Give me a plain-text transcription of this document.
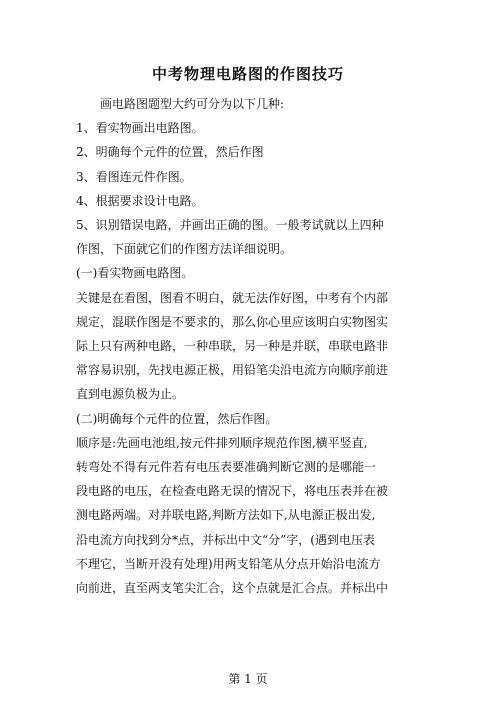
中考物理电路图的作图技巧

画电路图题型大约可分为以下几种:

1、看实物画出电路图。

2、明确每个元件的位置，然后作图

3、看图连元件作图。

4、根据要求设计电路。

5、识别错误电路，并画出正确的图。一般考试就以上四种

作图，下面就它们的作图方法详细说明。

(一)看实物画电路图。

关键是在看图，图看不明白，就无法作好图，中考有个内部

规定，混联作图是不要求的，那么你心里应该明白实物图实

际上只有两种电路，一种串联，另一种是并联，串联电路非

常容易识别，先找电源正极，用铅笔尖沿电流方向顺序前进

直到电源负极为止。

(二)明确每个元件的位置，然后作图。

顺序是:先画电池组,按元件排列顺序规范作图,横平竖直,

转弯处不得有元件若有电压表要准确判断它测的是哪能一

段电路的电压，在检查电路无误的情况下，将电压表并在被

测电路两端。对并联电路,判断方法如下,从电源正极出发,

沿电流方向找到分*点，并标出中文“分”字，(遇到电压表

不理它，当断开没有处理)用两支铅笔从分点开始沿电流方

向前进，直至两支笔尖汇合，这个点就是汇合点。并标出中

第 1 页
